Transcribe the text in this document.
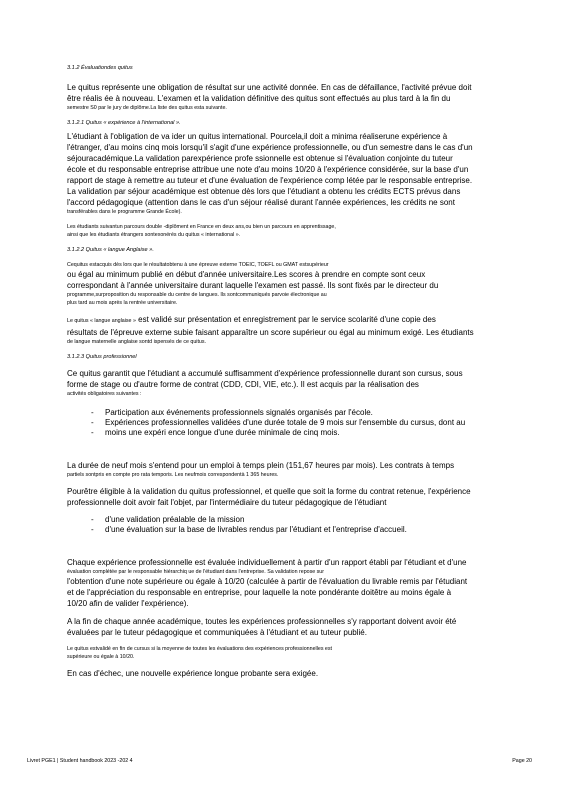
3.1.2 Évaluationdes quitus

Le quitus représente une obligation de résultat sur une activité donnée. En cas de défaillance, l'activité prévue doit

être réalis ée à nouveau. L'examen et la validation définitive des quitus sont effectués au plus tard à la fin du

semestre S0 par le jury de diplôme.La liste des quitus esta suivante.

3.1.2.1 Quitus « expérience à l'international ».

L'étudiant à l'obligation de va ider un quitus international. Pourcela,il doit a minima réaliserune expérience à

l'étranger, d'au moins cinq mois lorsqu'il s'agit d'une expérience professionnelle, ou d'un semestre dans le cas d'un

séjouracadémique.La validation parexpérience profe ssionnelle est obtenue si l'évaluation conjointe du tuteur

école et du responsable entreprise attribue une note d'au moins 10/20 à l'expérience considérée, sur la base d'un

rapport de stage à remettre au tuteur et d'une évaluation de l'expérience comp létée par le responsable entreprise.

La validation par séjour académique est obtenue dès lors que l'étudiant a obtenu les crédits ECTS prévus dans

l'accord pédagogique (attention dans le cas d'un séjour réalisé durant l'année expériences, les crédits ne sont

transférables dans le programme Grande École).

Les étudiants suivantun parcours double -diplôment en France en deux ans,ou bien un parcours en apprentissage,

ainsi que les étudiants étrangers sontexonérés du quitus « international ».

3.1.2.2 Quitus « langue Anglaise ».

Cequitus estacquis dès lors que le résultatobtenu à une épreuve externe TOEIC, TOEFL ou GMAT estsupérieur

ou égal au minimum publié en début d'année universitaire.Les scores à prendre en compte sont ceux

correspondant à l'année universitaire durant laquelle l'examen est passé. Ils sont fixés par le directeur du

programme,surproposition du responsable du centre de langues. Ils sontcommuniqués parvoie électronique au

plus tard au mois après la rentrée universitaire.

Le quitus « langue anglaise » est validé sur présentation et enregistrement par le service scolarité d'une copie des

résultats de l'épreuve externe subie faisant apparaître un score supérieur ou égal au minimum exigé. Les étudiants

de langue maternelle anglaise sontd ispensés de ce quitus.

3.1.2.3 Quitus professionnel

Ce quitus garantit que l'étudiant a accumulé suffisamment d'expérience professionnelle durant son cursus, sous

forme de stage ou d'autre forme de contrat (CDD, CDI, VIE, etc.). Il est acquis par la réalisation des

activités obligatoires suivantes :

- Participation aux événements professionnels signalés organisés par l'école.
- Expériences professionnelles validées d'une durée totale de 9 mois sur l'ensemble du cursus, dont au
- moins une expéri ence longue d'une durée minimale de cinq mois.

La durée de neuf mois s'entend pour un emploi à temps plein (151,67 heures par mois). Les contrats à temps

partiels sontpris en compte pro rata temporis. Les neufmois correspondentà 1 365 heures.

Pourêtre éligible à la validation du quitus professionnel, et quelle que soit la forme du contrat retenue, l'expérience

professionnelle doit avoir fait l'objet, par l'intermédiaire du tuteur pédagogique de l'étudiant

- d'une validation préalable de la mission
- d'une évaluation sur la base de livrables rendus par l'étudiant et l'entreprise d'accueil.

Chaque expérience professionnelle est évaluée individuellement à partir d'un rapport établi par l'étudiant et d'une

évaluation complétée par le responsable hiérarchiq ue de l'étudiant dans l'entreprise. Sa validation repose sur

l'obtention d'une note supérieure ou égale à 10/20 (calculée à partir de l'évaluation du livrable remis par l'étudiant

et de l'appréciation du responsable en entreprise, pour laquelle la note pondérante doitêtre au moins égale à

10/20 afin de valider l'expérience).

A la fin de chaque année académique, toutes les expériences professionnelles s'y rapportant doivent avoir été

évaluées par le tuteur pédagogique et communiquées à l'étudiant et au tuteur publié.

Le quitus estvalidé en fin de cursus si la moyenne de toutes les évaluations des expériences professionnelles est

supérieure ou égale à 10/20.

En cas d'échec, une nouvelle expérience longue probante sera exigée.

Livret PGE1 | Student handbook 2023 -202 4	Page 20
